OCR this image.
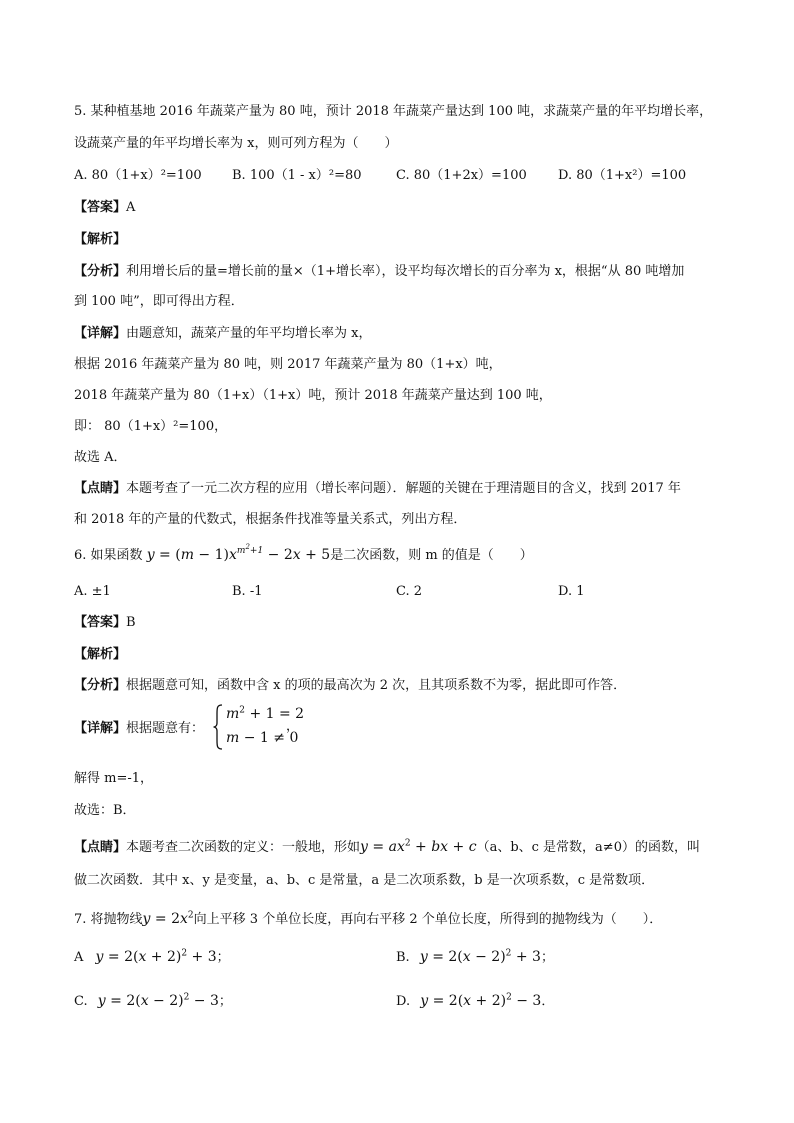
5. 某种植基地 2016 年蔬菜产量为 80 吨，预计 2018 年蔬菜产量达到 100 吨，求蔬菜产量的年平均增长率，
设蔬菜产量的年平均增长率为 x，则可列方程为（　　）
A. 80（1+x）²=100 B. 100（1 - x）²=80	C. 80（1+2x）=100 D. 80（1+x²）=100
【答案】A
【解析】
【分析】利用增长后的量=增长前的量×（1+增长率），设平均每次增长的百分率为 x，根据“从 80 吨增加
到 100 吨”，即可得出方程．
【详解】由题意知，蔬菜产量的年平均增长率为 x，
根据 2016 年蔬菜产量为 80 吨，则 2017 年蔬菜产量为 80（1+x）吨，
2018 年蔬菜产量为 80（1+x）（1+x）吨，预计 2018 年蔬菜产量达到 100 吨，
即： 80（1+x）²=100，
故选 A．
【点睛】本题考查了一元二次方程的应用（增长率问题）．解题的关键在于理清题目的含义，找到 2017 年
和 2018 年的产量的代数式，根据条件找准等量关系式，列出方程．
6. 如果函数 $y = (m - 1)x^{m^2+1} - 2x + 5$是二次函数，则 m 的值是（　　）
A. ±1	B. -1	C. 2	D. 1
【答案】B
【解析】
【分析】根据题意可知，函数中含 x 的项的最高次为 2 次，且其项系数不为零，据此即可作答．
【详解】根据题意有：
$m^2 + 1 = 2$
m − 1 ≠ 0
，
解得 m=-1，
故选：B．
【点睛】本题考查二次函数的定义：一般地，形如$y = ax^2$ + bx + c（a、b、c 是常数，a≠0）的函数，叫
做二次函数．其中 x、y 是变量，a、b、c 是常量，a 是二次项系数，b 是一次项系数，c 是常数项．
7. 将抛物线$y = 2x^2$向上平移 3 个单位长度，再向右平移 2 个单位长度，所得到的抛物线为（　　）．
A $y = 2(x + 2)^2 + 3$；	B. $y = 2(x - 2)^2 + 3$；
C. $y = 2(x - 2)^2 - 3$；	D. $y = 2(x + 2)^2 - 3$．
